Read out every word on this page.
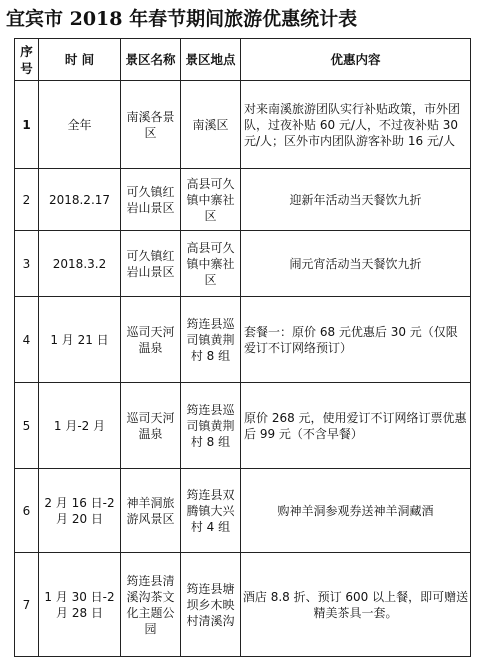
宜宾市 2018 年春节期间旅游优惠统计表
序号	时 间	景区名称	景区地点	优惠内容
1	全年	南溪各景区	南溪区	对来南溪旅游团队实行补贴政策，市外团队，过夜补贴 60 元/人，不过夜补贴 30 元/人；区外市内团队游客补助 16 元/人
2	2018.2.17	可久镇红岩山景区	高县可久镇中寨社区	迎新年活动当天餐饮九折
3	2018.3.2	可久镇红岩山景区	高县可久镇中寨社区	闹元宵活动当天餐饮九折
4	1 月 21 日	巡司天河温泉	筠连县巡司镇黄荆村 8 组	套餐一：原价 68 元优惠后 30 元（仅限爱订不订网络预订）
5	1 月-2 月	巡司天河温泉	筠连县巡司镇黄荆村 8 组	原价 268 元，使用爱订不订网络订票优惠后 99 元（不含早餐）
6	2 月 16 日-2 月 20 日	神羊洞旅游风景区	筠连县双腾镇大兴村 4 组	购神羊洞参观券送神羊洞藏酒
7	1 月 30 日-2 月 28 日	筠连县清溪沟茶文化主题公园	筠连县塘坝乡木映村清溪沟	酒店 8.8 折、预订 600 以上餐，即可赠送精美茶具一套。
